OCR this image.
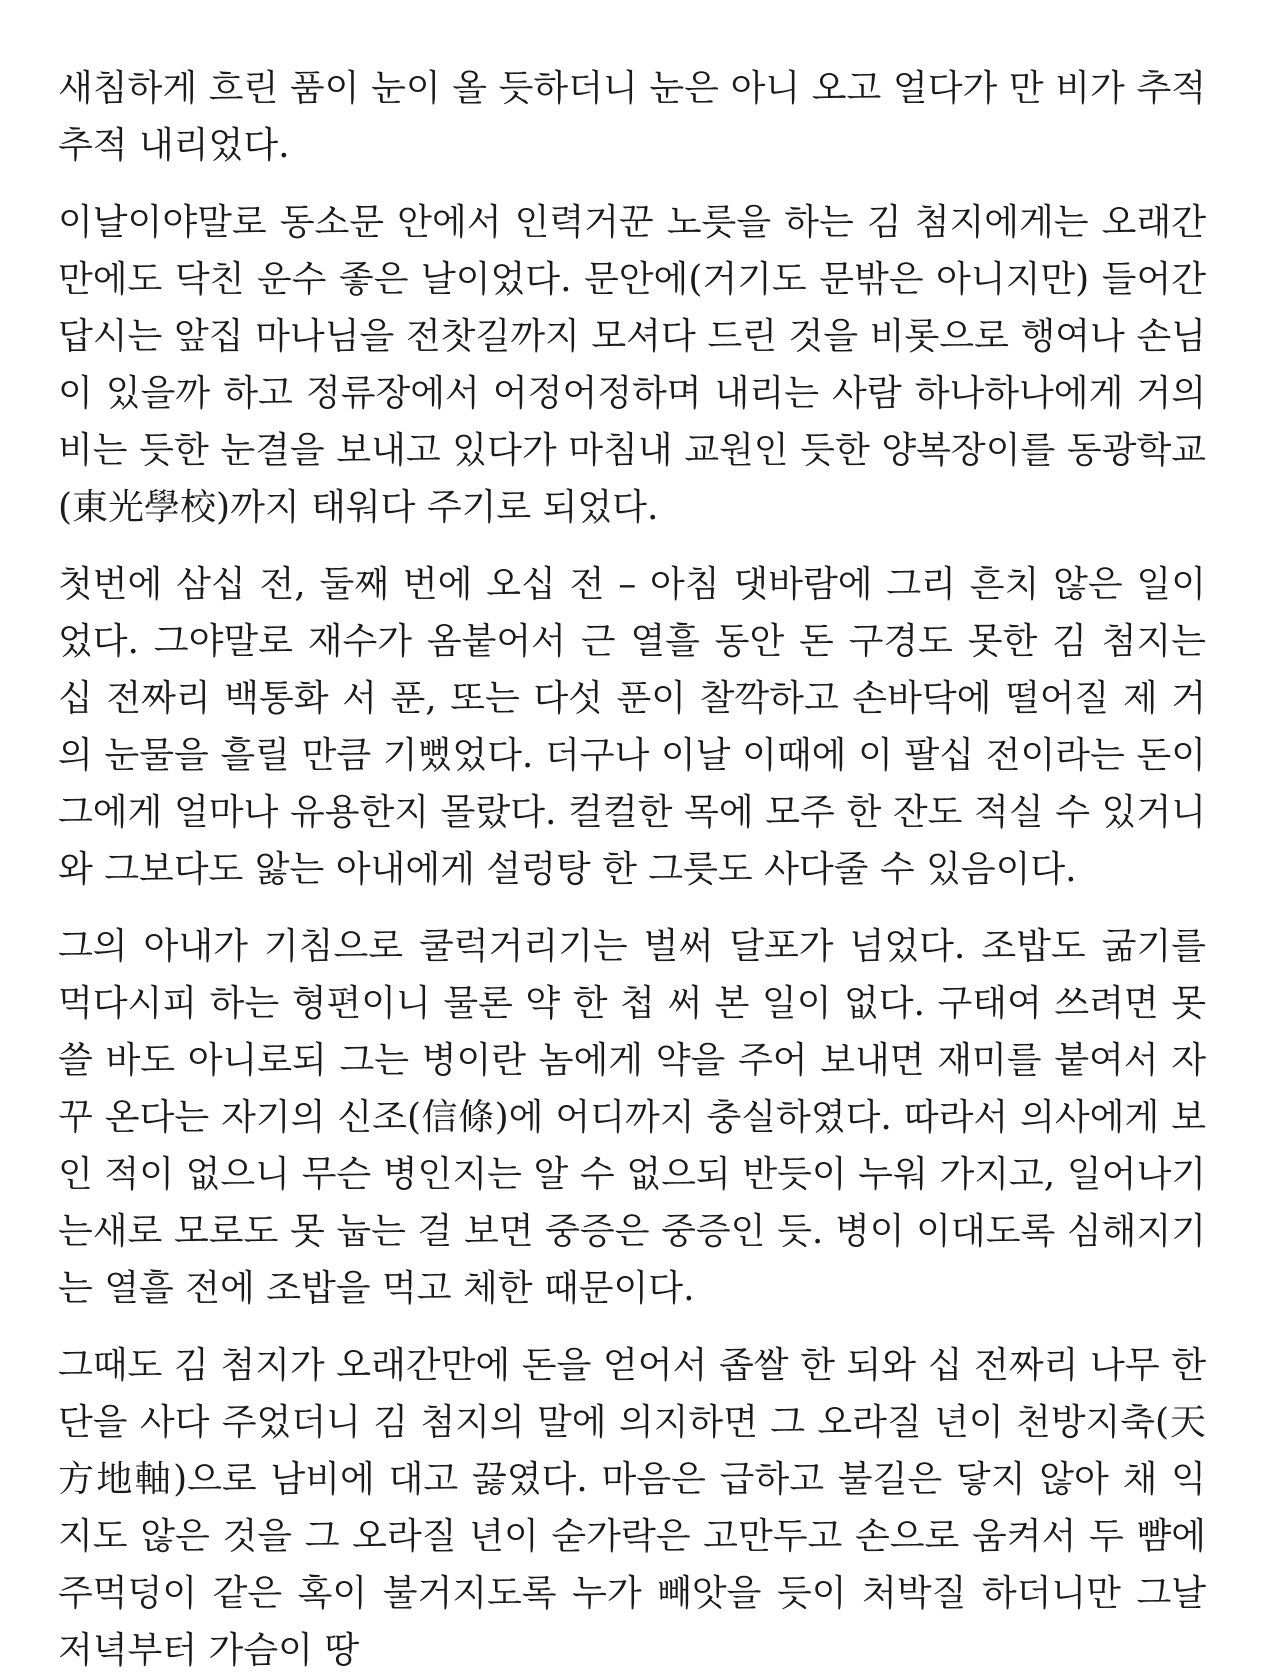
새침하게 흐린 품이 눈이 올 듯하더니 눈은 아니 오고 얼다가 만 비가 추적추적 내리었다.

이날이야말로 동소문 안에서 인력거꾼 노릇을 하는 김 첨지에게는 오래간만에도 닥친 운수 좋은 날이었다. 문안에(거기도 문밖은 아니지만) 들어간답시는 앞집 마나님을 전찻길까지 모셔다 드린 것을 비롯으로 행여나 손님이 있을까 하고 정류장에서 어정어정하며 내리는 사람 하나하나에게 거의 비는 듯한 눈결을 보내고 있다가 마침내 교원인 듯한 양복장이를 동광학교(東光學校)까지 태워다 주기로 되었다.

첫번에 삼십 전, 둘째 번에 오십 전 – 아침 댓바람에 그리 흔치 않은 일이었다. 그야말로 재수가 옴붙어서 근 열흘 동안 돈 구경도 못한 김 첨지는 십 전짜리 백통화 서 푼, 또는 다섯 푼이 찰깍하고 손바닥에 떨어질 제 거의 눈물을 흘릴 만큼 기뻤었다. 더구나 이날 이때에 이 팔십 전이라는 돈이 그에게 얼마나 유용한지 몰랐다. 컬컬한 목에 모주 한 잔도 적실 수 있거니와 그보다도 앓는 아내에게 설렁탕 한 그릇도 사다줄 수 있음이다.

그의 아내가 기침으로 쿨럭거리기는 벌써 달포가 넘었다. 조밥도 굶기를 먹다시피 하는 형편이니 물론 약 한 첩 써 본 일이 없다. 구태여 쓰려면 못 쓸 바도 아니로되 그는 병이란 놈에게 약을 주어 보내면 재미를 붙여서 자꾸 온다는 자기의 신조(信條)에 어디까지 충실하였다. 따라서 의사에게 보인 적이 없으니 무슨 병인지는 알 수 없으되 반듯이 누워 가지고, 일어나기는새로 모로도 못 눕는 걸 보면 중증은 중증인 듯. 병이 이대도록 심해지기는 열흘 전에 조밥을 먹고 체한 때문이다.

그때도 김 첨지가 오래간만에 돈을 얻어서 좁쌀 한 되와 십 전짜리 나무 한 단을 사다 주었더니 김 첨지의 말에 의지하면 그 오라질 년이 천방지축(天方地軸)으로 남비에 대고 끓였다. 마음은 급하고 불길은 닿지 않아 채 익지도 않은 것을 그 오라질 년이 숟가락은 고만두고 손으로 움켜서 두 뺨에 주먹덩이 같은 혹이 불거지도록 누가 빼앗을 듯이 처박질 하더니만 그날 저녁부터 가슴이 땅
